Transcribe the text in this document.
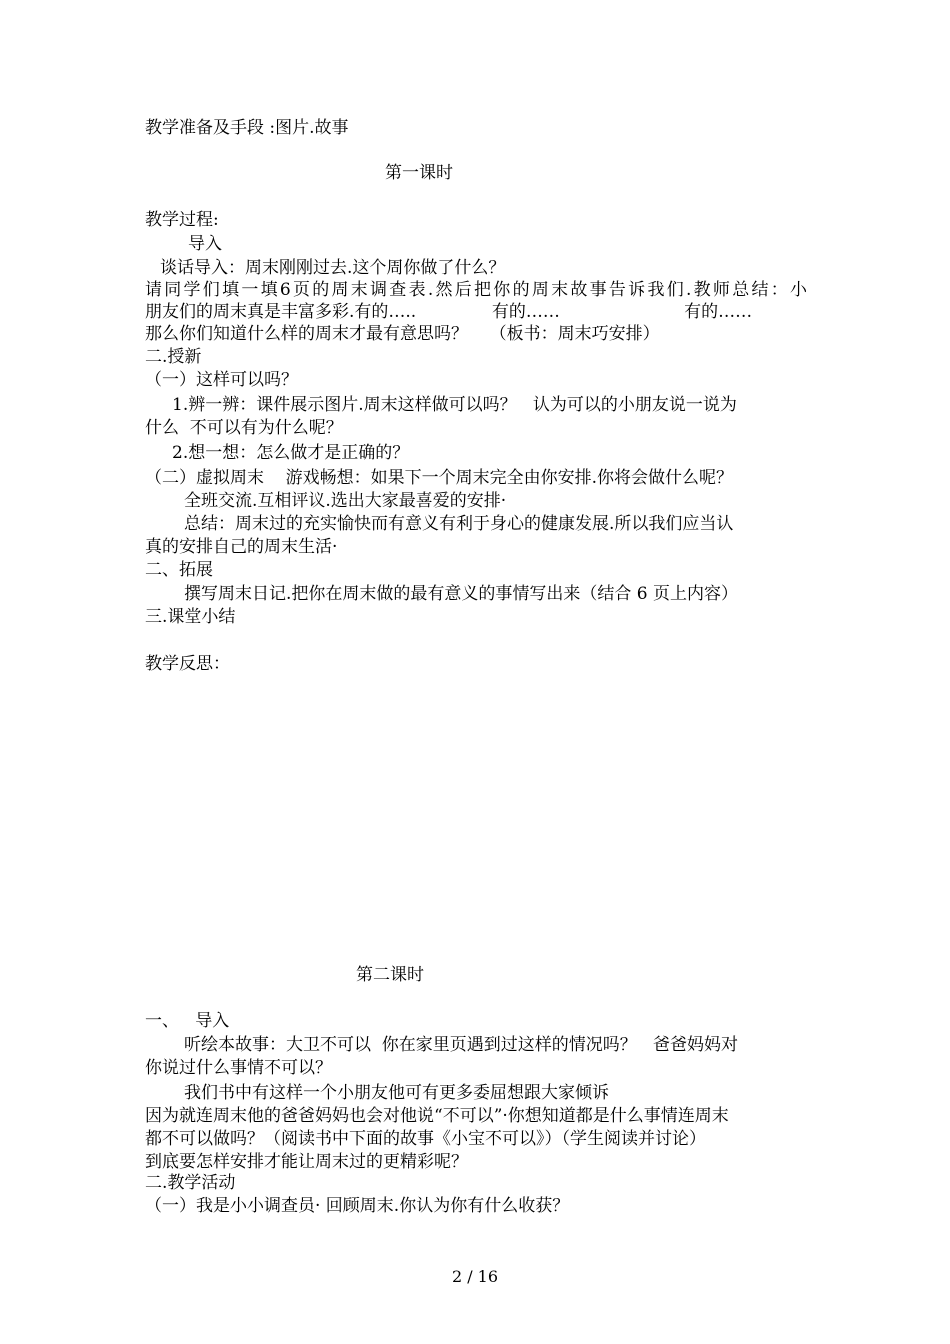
教学准备及手段 :图片.故事
第一课时
教学过程:
导入
谈话导入：周末刚刚过去.这个周你做了什么？
请同学们填一填6页的周末调查表.然后把你的周末故事告诉我们.教师总结：小
朋友们的周末真是丰富多彩.有的…..              有的……                       有的……
那么你们知道什么样的周末才最有意思吗？    （板书：周末巧安排）
二.授新
（一）这样可以吗？
1.辨一辨：课件展示图片.周末这样做可以吗？   认为可以的小朋友说一说为
什么  不可以有为什么呢？
2.想一想：怎么做才是正确的？
（二）虚拟周末    游戏畅想：如果下一个周末完全由你安排.你将会做什么呢？
全班交流.互相评议.选出大家最喜爱的安排·
总结：周末过的充实愉快而有意义有利于身心的健康发展.所以我们应当认
真的安排自己的周末生活·
二、拓展
撰写周末日记.把你在周末做的最有意义的事情写出来（结合 6 页上内容）
三.课堂小结
教学反思：
第二课时
一、   导入
听绘本故事：大卫不可以  你在家里页遇到过这样的情况吗？   爸爸妈妈对
你说过什么事情不可以？
我们书中有这样一个小朋友他可有更多委屈想跟大家倾诉
因为就连周末他的爸爸妈妈也会对他说“不可以”·你想知道都是什么事情连周末
都不可以做吗？（阅读书中下面的故事《小宝不可以》）（学生阅读并讨论）
到底要怎样安排才能让周末过的更精彩呢？
二.教学活动
（一）我是小小调查员· 回顾周末.你认为你有什么收获？
2 / 16
